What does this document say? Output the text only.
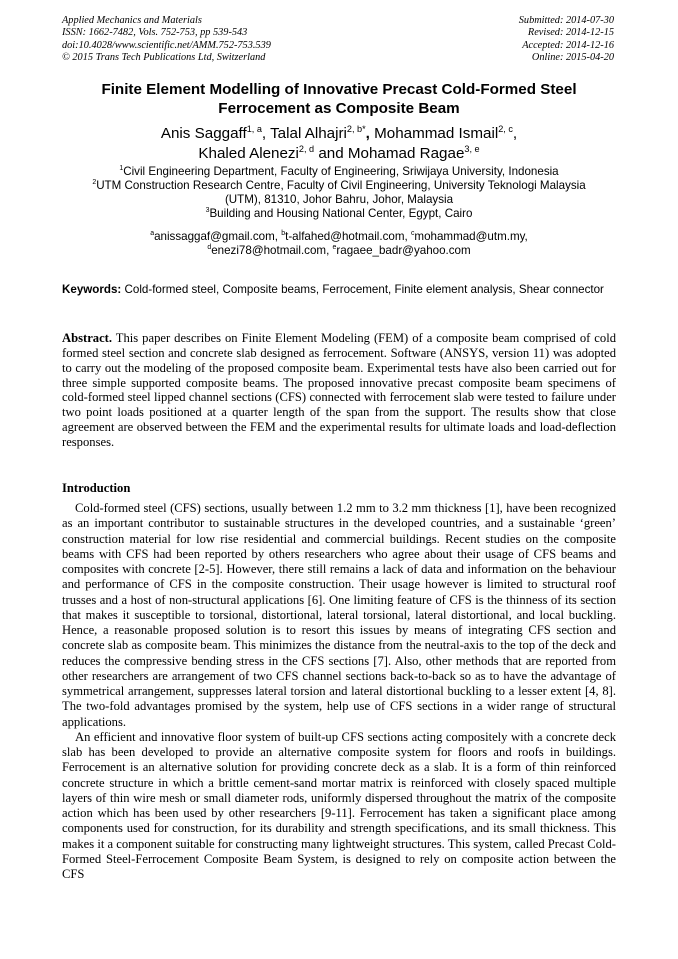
Applied Mechanics and Materials
ISSN: 1662-7482, Vols. 752-753, pp 539-543
doi:10.4028/www.scientific.net/AMM.752-753.539
© 2015 Trans Tech Publications Ltd, Switzerland
Submitted: 2014-07-30
Revised: 2014-12-15
Accepted: 2014-12-16
Online: 2015-04-20
Finite Element Modelling of Innovative Precast Cold-Formed Steel
Ferrocement as Composite Beam
Anis Saggaff$^{1, a}$, Talal Alhajri$^{2, b*}$, Mohammad Ismail$^{2, c}$,
Khaled Alenezi$^{2, d}$ and Mohamad Ragae$^{3, e}$
$^1$Civil Engineering Department, Faculty of Engineering, Sriwijaya University, Indonesia
$^2$UTM Construction Research Centre, Faculty of Civil Engineering, University Teknologi Malaysia
(UTM), 81310, Johor Bahru, Johor, Malaysia
$^3$Building and Housing National Center, Egypt, Cairo
$^a$anissaggaf@gmail.com, $^b$t-alfahed@hotmail.com, $^c$mohammad@utm.my,
$^d$enezi78@hotmail.com, $^e$ragaee_badr@yahoo.com
Keywords: Cold-formed steel, Composite beams, Ferrocement, Finite element analysis, Shear connector
Abstract. This paper describes on Finite Element Modeling (FEM) of a composite beam comprised of cold formed steel section and concrete slab designed as ferrocement. Software (ANSYS, version 11) was adopted to carry out the modeling of the proposed composite beam. Experimental tests have also been carried out for three simple supported composite beams. The proposed innovative precast composite beam specimens of cold-formed steel lipped channel sections (CFS) connected with ferrocement slab were tested to failure under two point loads positioned at a quarter length of the span from the support. The results show that close agreement are observed between the FEM and the experimental results for ultimate loads and load-deflection responses.
Introduction

Cold-formed steel (CFS) sections, usually between 1.2 mm to 3.2 mm thickness [1], have been recognized as an important contributor to sustainable structures in the developed countries, and a sustainable ‘green’ construction material for low rise residential and commercial buildings. Recent studies on the composite beams with CFS had been reported by others researchers who agree about their usage of CFS beams and composites with concrete [2-5]. However, there still remains a lack of data and information on the behaviour and performance of CFS in the composite construction. Their usage however is limited to structural roof trusses and a host of non-structural applications [6]. One limiting feature of CFS is the thinness of its section that makes it susceptible to torsional, distortional, lateral torsional, lateral distortional, and local buckling. Hence, a reasonable proposed solution is to resort this issues by means of integrating CFS section and concrete slab as composite beam. This minimizes the distance from the neutral-axis to the top of the deck and reduces the compressive bending stress in the CFS sections [7]. Also, other methods that are reported from other researchers are arrangement of two CFS channel sections back-to-back so as to have the advantage of symmetrical arrangement, suppresses lateral torsion and lateral distortional buckling to a lesser extent [4, 8]. The two-fold advantages promised by the system, help use of CFS sections in a wider range of structural applications.

An efficient and innovative floor system of built-up CFS sections acting compositely with a concrete deck slab has been developed to provide an alternative composite system for floors and roofs in buildings. Ferrocement is an alternative solution for providing concrete deck as a slab. It is a form of thin reinforced concrete structure in which a brittle cement-sand mortar matrix is reinforced with closely spaced multiple layers of thin wire mesh or small diameter rods, uniformly dispersed throughout the matrix of the composite action which has been used by other researchers [9-11]. Ferrocement has taken a significant place among components used for construction, for its durability and strength specifications, and its small thickness. This makes it a component suitable for constructing many lightweight structures. This system, called Precast Cold- Formed Steel-Ferrocement Composite Beam System, is designed to rely on composite action between the CFS
